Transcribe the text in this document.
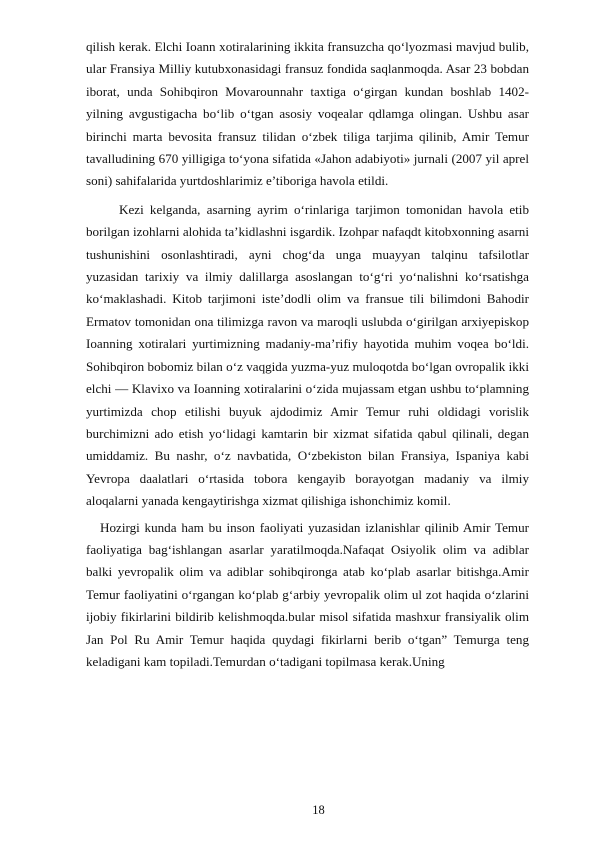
qilish kerak. Elchi Ioann xotiralarining ikkita fransuzcha qo‘lyozmasi mavjud bulib, ular Fransiya Milliy kutubxonasidagi fransuz fondida saqlanmoqda. Asar 23 bobdan iborat, unda Sohibqiron Movarounnahr taxtiga o‘girgan kundan boshlab 1402-yilning avgustigacha bo‘lib o‘tgan asosiy voqealar qdlamga olingan. Ushbu asar birinchi marta bevosita fransuz tilidan o‘zbek tiliga tarjima qilinib, Amir Temur tavalludining 670 yilligiga to‘yona sifatida «Jahon adabiyoti» jurnali (2007 yil aprel soni) sahifalarida yurtdoshlarimiz e’tiboriga havola etildi.

Kezi kelganda, asarning ayrim o‘rinlariga tarjimon tomonidan havola etib borilgan izohlarni alohida ta’kidlashni isgardik. Izohpar nafaqdt kitobxonning asarni tushunishini osonlashtiradi, ayni chog‘da unga muayyan talqinu tafsilotlar yuzasidan tarixiy va ilmiy dalillarga asoslangan to‘g‘ri yo‘nalishni ko‘rsatishga ko‘maklashadi. Kitob tarjimoni iste’dodli olim va fransue tili bilimdoni Bahodir Ermatov tomonidan ona tilimizga ravon va maroqli uslubda o‘girilgan arxiyepiskop Ioanning xotiralari yurtimizning madaniy-ma’rifiy hayotida muhim voqea bo‘ldi. Sohibqiron bobomiz bilan o‘z vaqgida yuzma-yuz muloqotda bo‘lgan ovropalik ikki elchi — Klavixo va Ioanning xotiralarini o‘zida mujassam etgan ushbu to‘plamning yurtimizda chop etilishi buyuk ajdodimiz Amir Temur ruhi oldidagi vorislik burchimizni ado etish yo‘lidagi kamtarin bir xizmat sifatida qabul qilinali, degan umiddamiz. Bu nashr, o‘z navbatida, O‘zbekiston bilan Fransiya, Ispaniya kabi Yevropa daalatlari o‘rtasida tobora kengayib borayotgan madaniy va ilmiy aloqalarni yanada kengaytirishga xizmat qilishiga ishonchimiz komil.

Hozirgi kunda ham bu inson faoliyati yuzasidan izlanishlar qilinib Amir Temur faoliyatiga bag‘ishlangan asarlar yaratilmoqda.Nafaqat Osiyolik olim va adiblar balki yevropalik olim va adiblar sohibqironga atab ko‘plab asarlar bitishga.Amir Temur faoliyatini o‘rgangan ko‘plab g‘arbiy yevropalik olim ul zot haqida o‘zlarini ijobiy fikirlarini bildirib kelishmoqda.bular misol sifatida mashxur fransiyalik olim Jan Pol Ru Amir Temur haqida quydagi fikirlarni berib o‘tgan” Temurga teng keladigani kam topiladi.Temurdan o‘tadigani topilmasa kerak.Uning

18
